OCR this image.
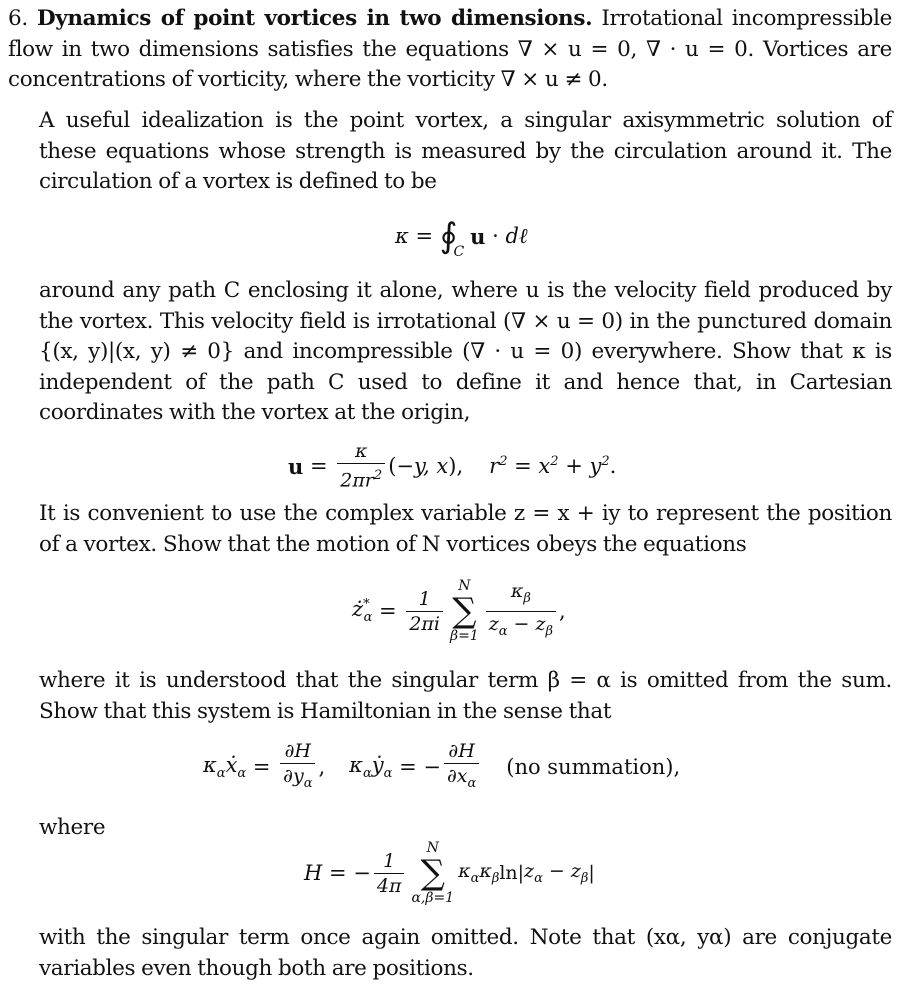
6. Dynamics of point vortices in two dimensions. Irrotational incompressible flow in two dimensions satisfies the equations ∇ × u = 0, ∇ · u = 0. Vortices are concentrations of vorticity, where the vorticity ∇ × u ≠ 0.

A useful idealization is the point vortex, a singular axisymmetric solution of these equations whose strength is measured by the circulation around it. The circulation of a vortex is defined to be

κ = ∮
C
u · dℓ

around any path C enclosing it alone, where u is the velocity field produced by the vortex. This velocity field is irrotational (∇ × u = 0) in the punctured domain {(x, y)|(x, y) ≠ 0} and incompressible (∇ · u = 0) everywhere. Show that κ is independent of the path C used to define it and hence that, in Cartesian coordinates with the vortex at the origin,

$u = \frac{\kappa}{2\pi r^2}$ ( −y, x ), $r^2 = x^2 + y^2$ .

It is convenient to use the complex variable z = x + iy to represent the position of a vortex. Show that the motion of N vortices obeys the equations

$ż^*_\alpha = \frac{1}{2\pi i}$
N
∑
$\beta=1 \frac{\kappa_\beta}{z_\alpha - z_\beta}$ ,

where it is understood that the singular term β = α is omitted from the sum. Show that this system is Hamiltonian in the sense that

$\kappa_\alpha ẋ_\alpha = \frac{\partial H}{\partial y_\alpha}$ , $\kappa_\alpha ẏ_\alpha$ = − $\frac{\partial H}{\partial x_\alpha} (no$ summation),

where

H = − $\frac{1}{4\pi}$
N
∑
α,β=1
$\kappa_\alpha\kappa_\beta$ ln| $z_\alpha - z_\beta$ |

with the singular term once again omitted. Note that (xα, yα) are conjugate variables even though both are positions.
